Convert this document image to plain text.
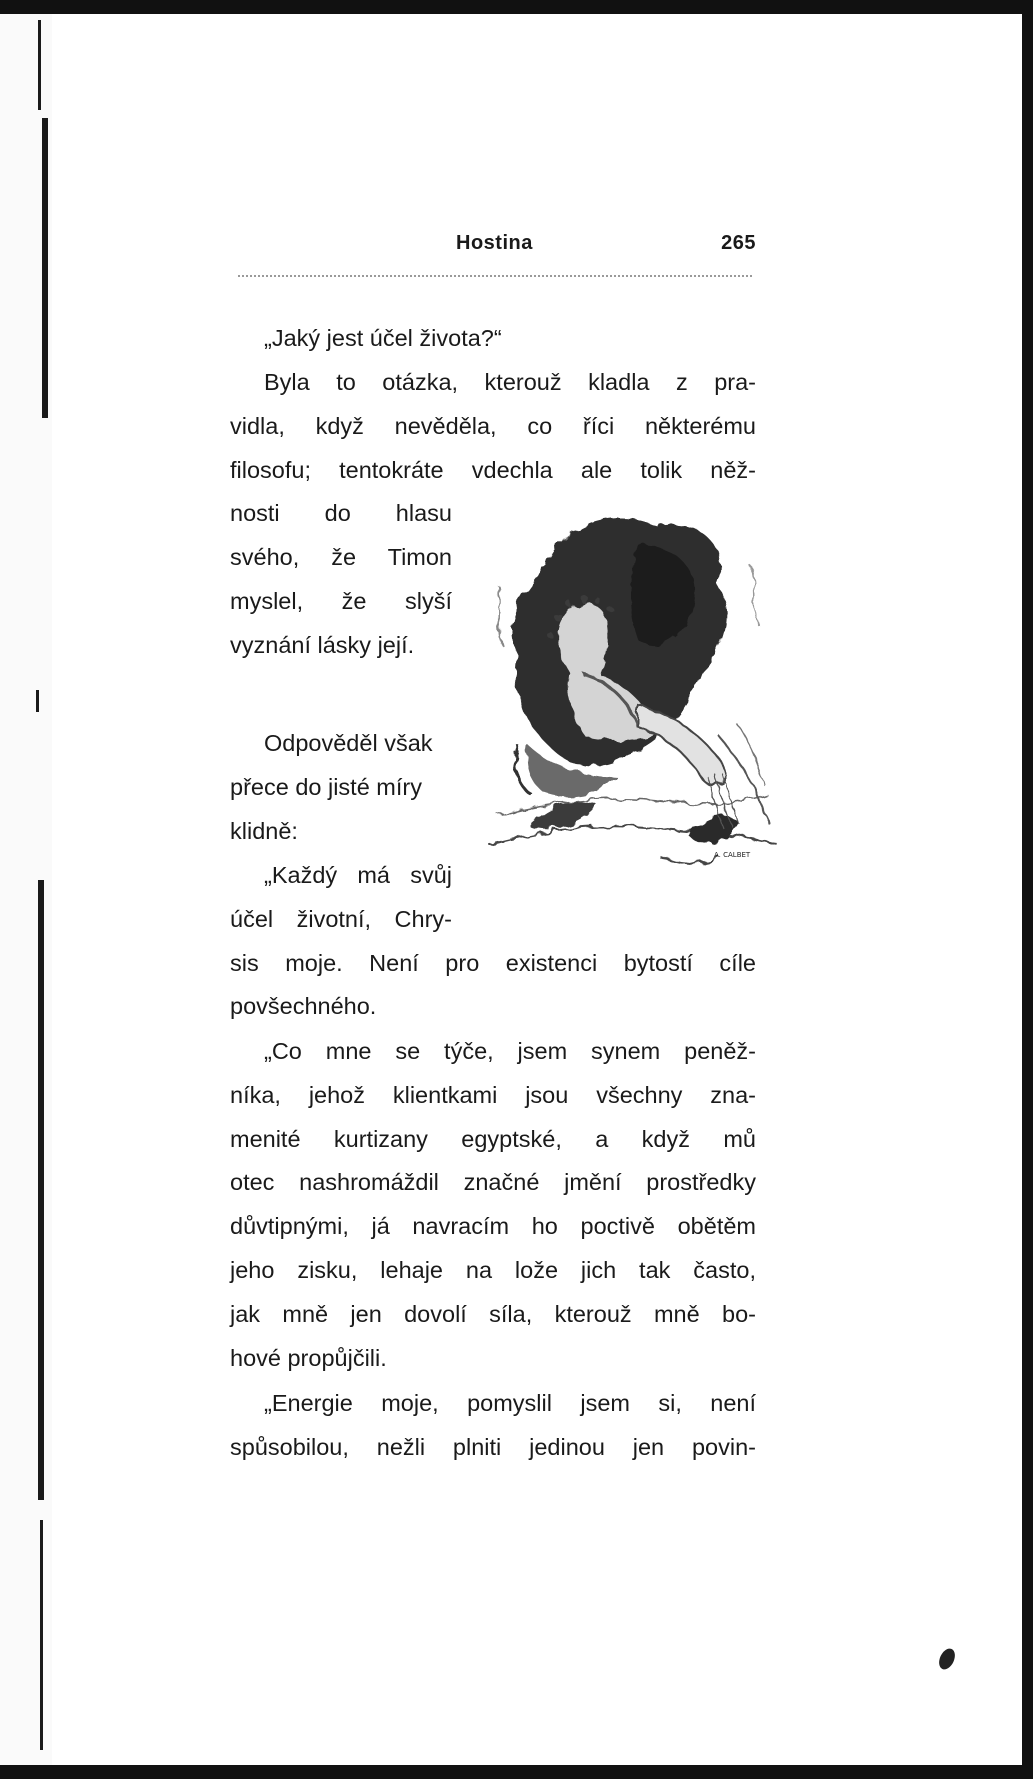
Hostina	265

„Jaký jest účel života?“

Byla to otázka, kterouž kladla z pra-
vidla, když nevěděla, co říci některému
filosofu; tentokráte vdechla ale tolik něž-
nosti do hlasu
svého, že Timon
myslel, že slyší
vyznání lásky její.

Odpověděl však
přece do jisté míry
klidně:

„Každý má svůj
účel životní, Chry-
sis moje. Není pro existenci bytostí cíle
povšechného.

„Co mne se týče, jsem synem peněž-
níka, jehož klientkami jsou všechny zna-
menité kurtizany egyptské, a když mů
otec nashromáždil značné jmění prostředky
důvtipnými, já navracím ho poctivě obětěm
jeho zisku, lehaje na lože jich tak často,
jak mně jen dovolí síla, kterouž mně bo-
hové propůjčili.

„Energie moje, pomyslil jsem si, není
spůsobilou, nežli plniti jedinou jen povin-

A. CALBET
